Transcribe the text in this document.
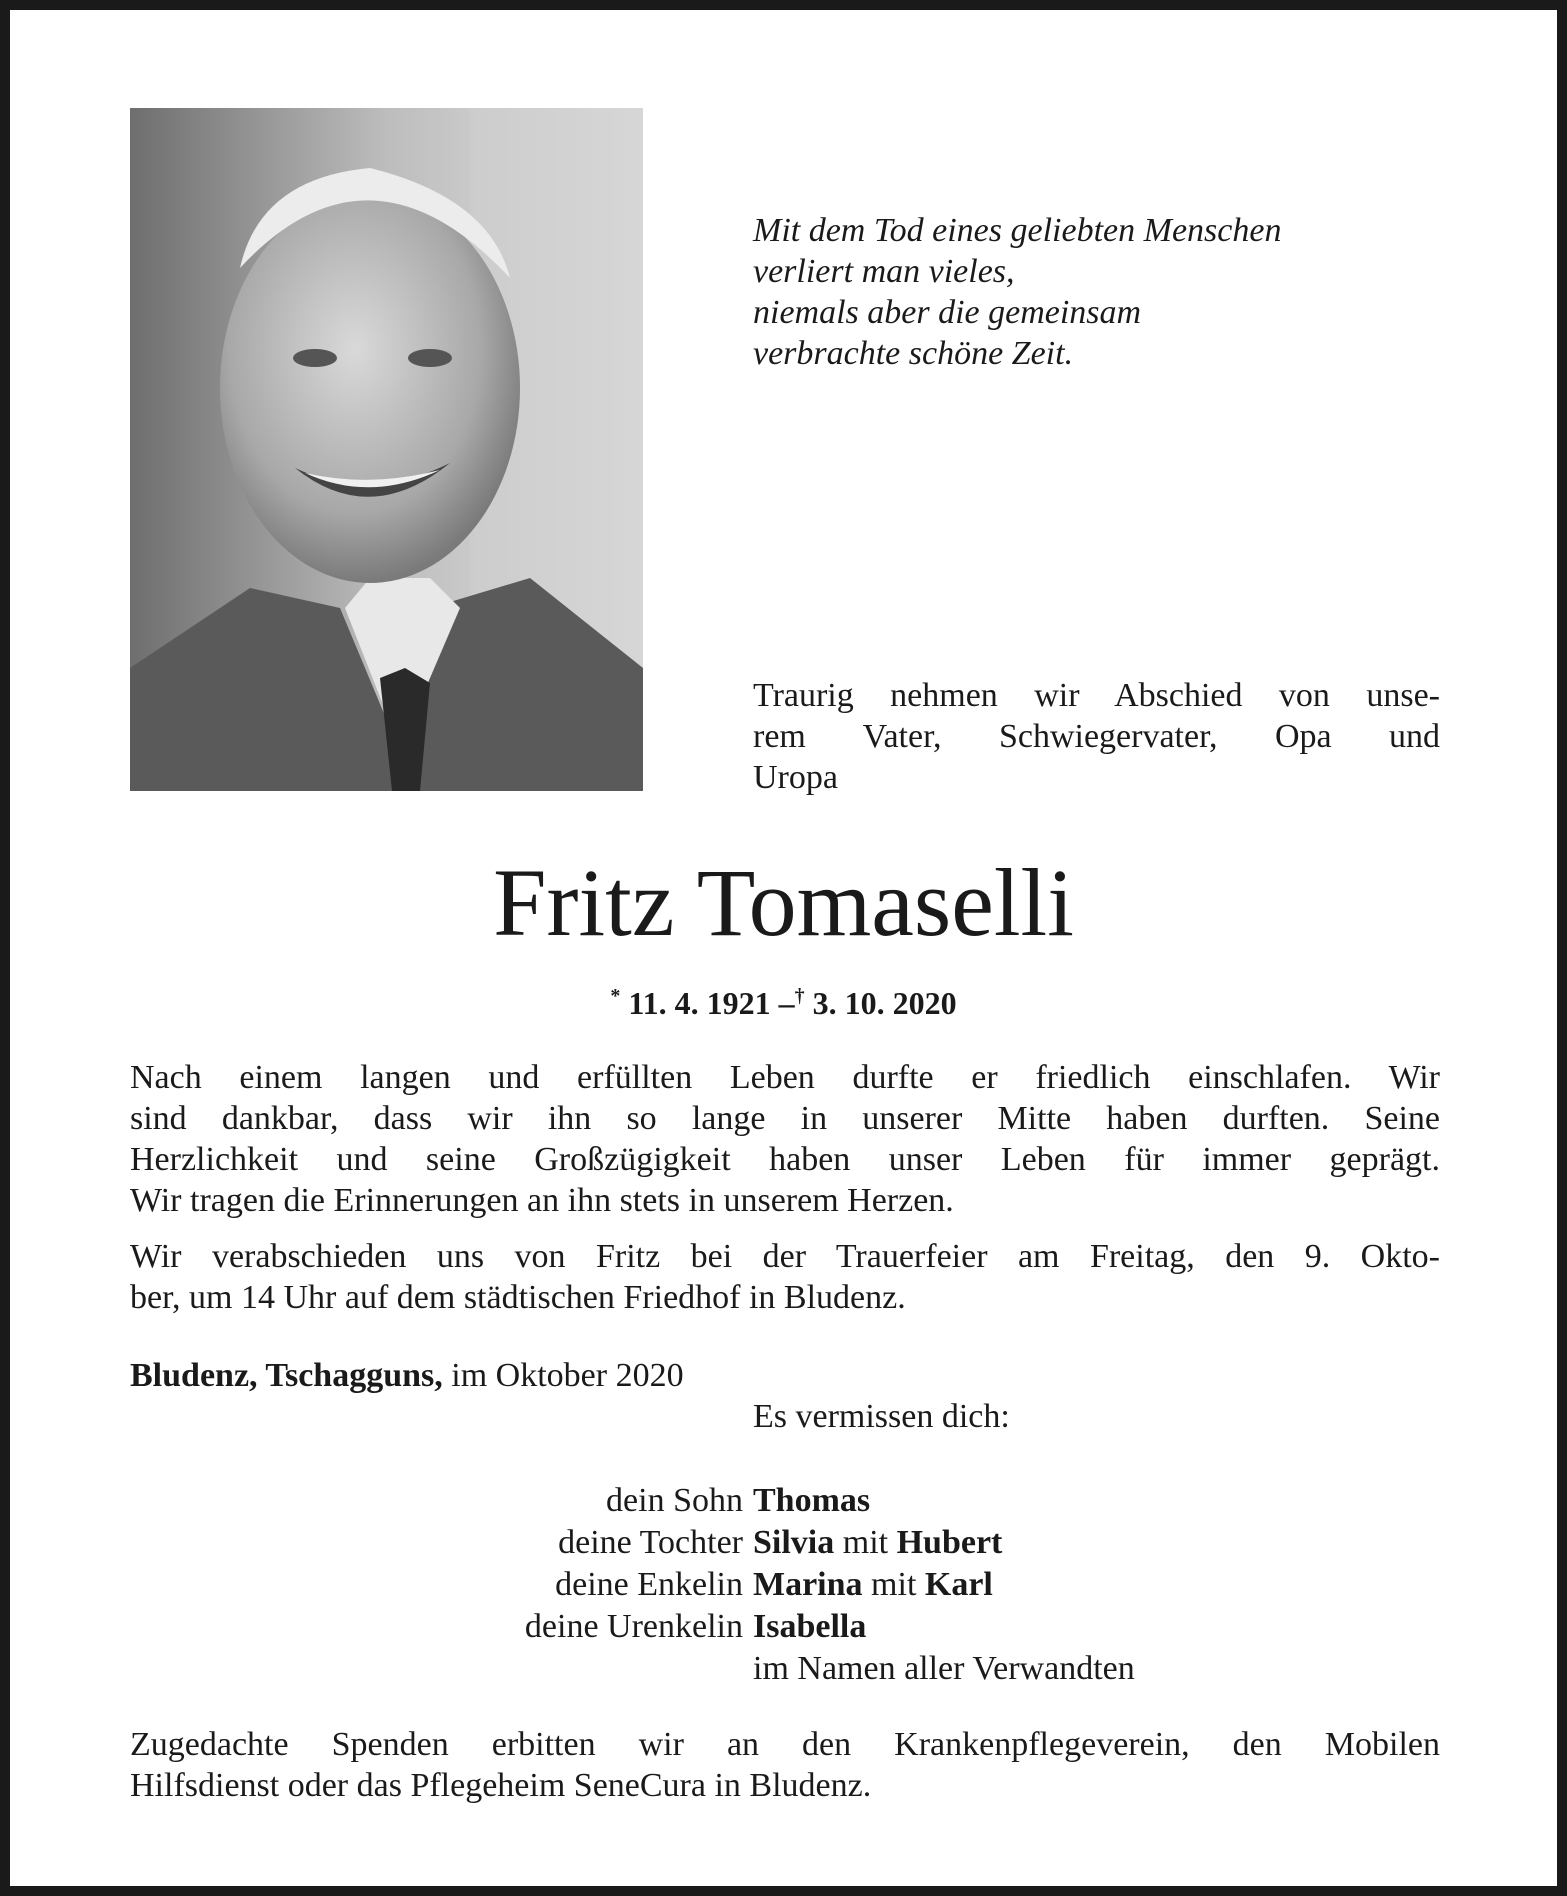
Mit dem Tod eines geliebten Menschen
verliert man vieles,
niemals aber die gemeinsam
verbrachte schöne Zeit.
Traurig nehmen wir Abschied von unse-
rem Vater, Schwiegervater, Opa und
Uropa
Fritz Tomaselli
* 11. 4. 1921 –† 3. 10. 2020
Nach einem langen und erfüllten Leben durfte er friedlich einschlafen. Wir
sind dankbar, dass wir ihn so lange in unserer Mitte haben durften. Seine
Herzlichkeit und seine Großzügigkeit haben unser Leben für immer geprägt.
Wir tragen die Erinnerungen an ihn stets in unserem Herzen.
Wir verabschieden uns von Fritz bei der Trauerfeier am Freitag, den 9. Okto-
ber, um 14 Uhr auf dem städtischen Friedhof in Bludenz.
Bludenz, Tschagguns, im Oktober 2020
Es vermissen dich:
dein Sohn Thomas
deine Tochter Silvia mit Hubert
deine Enkelin Marina mit Karl
deine Urenkelin Isabella
im Namen aller Verwandten
Zugedachte Spenden erbitten wir an den Krankenpflegeverein, den Mobilen
Hilfsdienst oder das Pflegeheim SeneCura in Bludenz.
